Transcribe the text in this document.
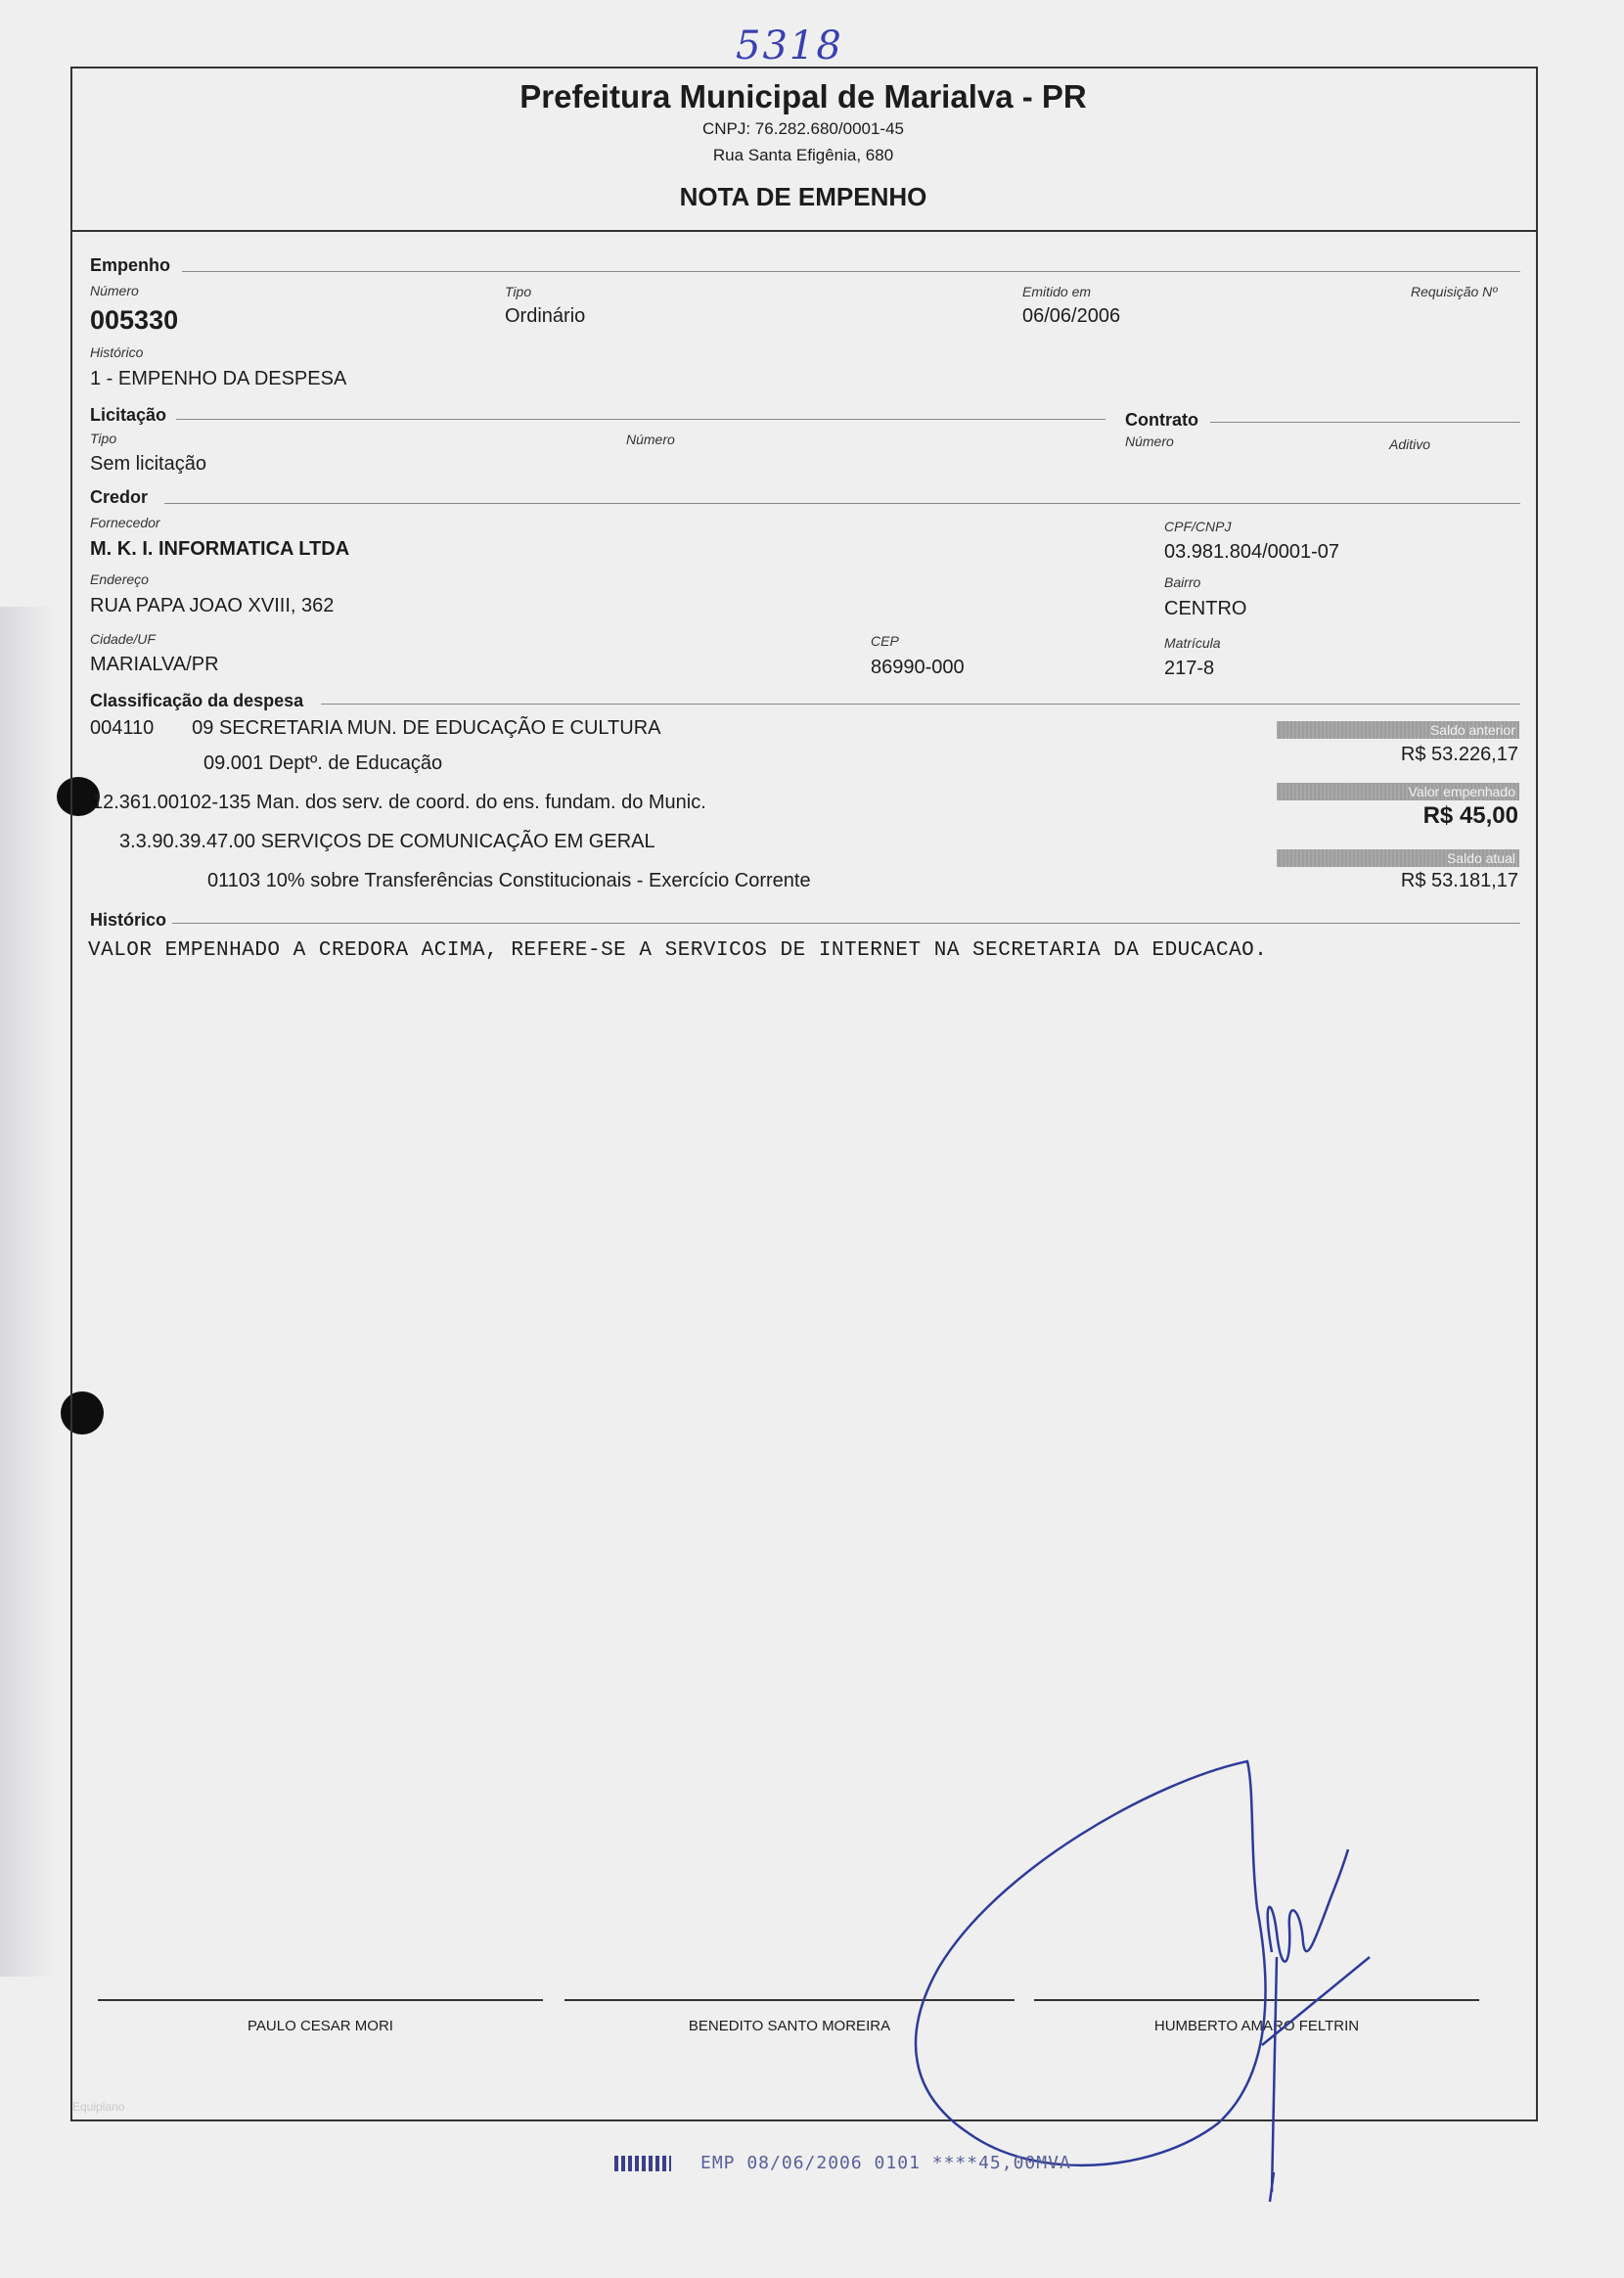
5318
Prefeitura Municipal de Marialva - PR
CNPJ: 76.282.680/0001-45
Rua Santa Efigênia, 680
NOTA DE EMPENHO
Empenho
Número
005330
Tipo
Ordinário
Emitido em
06/06/2006
Requisição Nº
Histórico
1 - EMPENHO DA DESPESA
Licitação
Tipo
Sem licitação
Número
Contrato
Número	Aditivo
Credor
Fornecedor
M. K. I. INFORMATICA LTDA
CPF/CNPJ
03.981.804/0001-07
Endereço
RUA PAPA JOAO XVIII, 362
Bairro
CENTRO
Cidade/UF
MARIALVA/PR
CEP
86990-000
Matrícula
217-8
Classificação da despesa
004110       09 SECRETARIA MUN. DE EDUCAÇÃO E CULTURA
09.001 Deptº. de Educação
12.361.00102-135 Man. dos serv. de coord. do ens. fundam. do Munic.
3.3.90.39.47.00 SERVIÇOS DE COMUNICAÇÃO EM GERAL
01103 10% sobre Transferências Constitucionais - Exercício Corrente
Saldo anterior
R$ 53.226,17
Valor empenhado
R$ 45,00
Saldo atual
R$ 53.181,17
Histórico
VALOR EMPENHADO A CREDORA ACIMA, REFERE-SE A SERVICOS DE INTERNET NA SECRETARIA DA EDUCACAO.
PAULO CESAR MORI	BENEDITO SANTO MOREIRA	HUMBERTO AMARO FELTRIN
Equiplano
EMP 08/06/2006 0101 ****45,00MVA
